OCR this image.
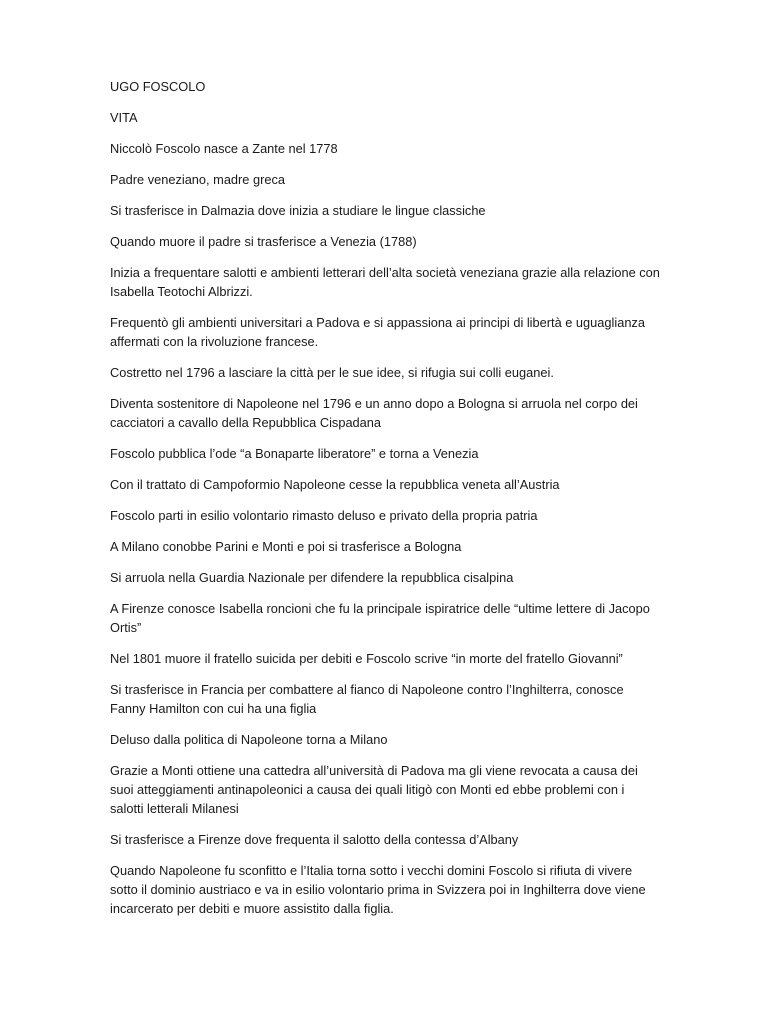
UGO FOSCOLO

VITA

Niccolò Foscolo nasce a Zante nel 1778

Padre veneziano, madre greca

Si trasferisce in Dalmazia dove inizia a studiare le lingue classiche

Quando muore il padre si trasferisce a Venezia (1788)

Inizia a frequentare salotti e ambienti letterari dell’alta società veneziana grazie alla relazione con Isabella Teotochi Albrizzi.

Frequentò gli ambienti universitari a Padova e si appassiona ai principi di libertà e uguaglianza affermati con la rivoluzione francese.

Costretto nel 1796 a lasciare la città per le sue idee, si rifugia sui colli euganei.

Diventa sostenitore di Napoleone nel 1796 e un anno dopo a Bologna si arruola nel corpo dei cacciatori a cavallo della Repubblica Cispadana

Foscolo pubblica l’ode “a Bonaparte liberatore” e torna a Venezia

Con il trattato di Campoformio Napoleone cesse la repubblica veneta all’Austria

Foscolo parti in esilio volontario rimasto deluso e privato della propria patria

A Milano conobbe Parini e Monti e poi si trasferisce a Bologna

Si arruola nella Guardia Nazionale per difendere la repubblica cisalpina

A Firenze conosce Isabella roncioni che fu la principale ispiratrice delle “ultime lettere di Jacopo Ortis”

Nel 1801 muore il fratello suicida per debiti e Foscolo scrive “in morte del fratello Giovanni”

Si trasferisce in Francia per combattere al fianco di Napoleone contro l’Inghilterra, conosce Fanny Hamilton con cui ha una figlia

Deluso dalla politica di Napoleone torna a Milano

Grazie a Monti ottiene una cattedra all’università di Padova ma gli viene revocata a causa dei suoi atteggiamenti antinapoleonici a causa dei quali litigò con Monti ed ebbe problemi con i salotti letterali Milanesi

Si trasferisce a Firenze dove frequenta il salotto della contessa d’Albany

Quando Napoleone fu sconfitto e l’Italia torna sotto i vecchi domini Foscolo si rifiuta di vivere sotto il dominio austriaco e va in esilio volontario prima in Svizzera poi in Inghilterra dove viene incarcerato per debiti e muore assistito dalla figlia.
